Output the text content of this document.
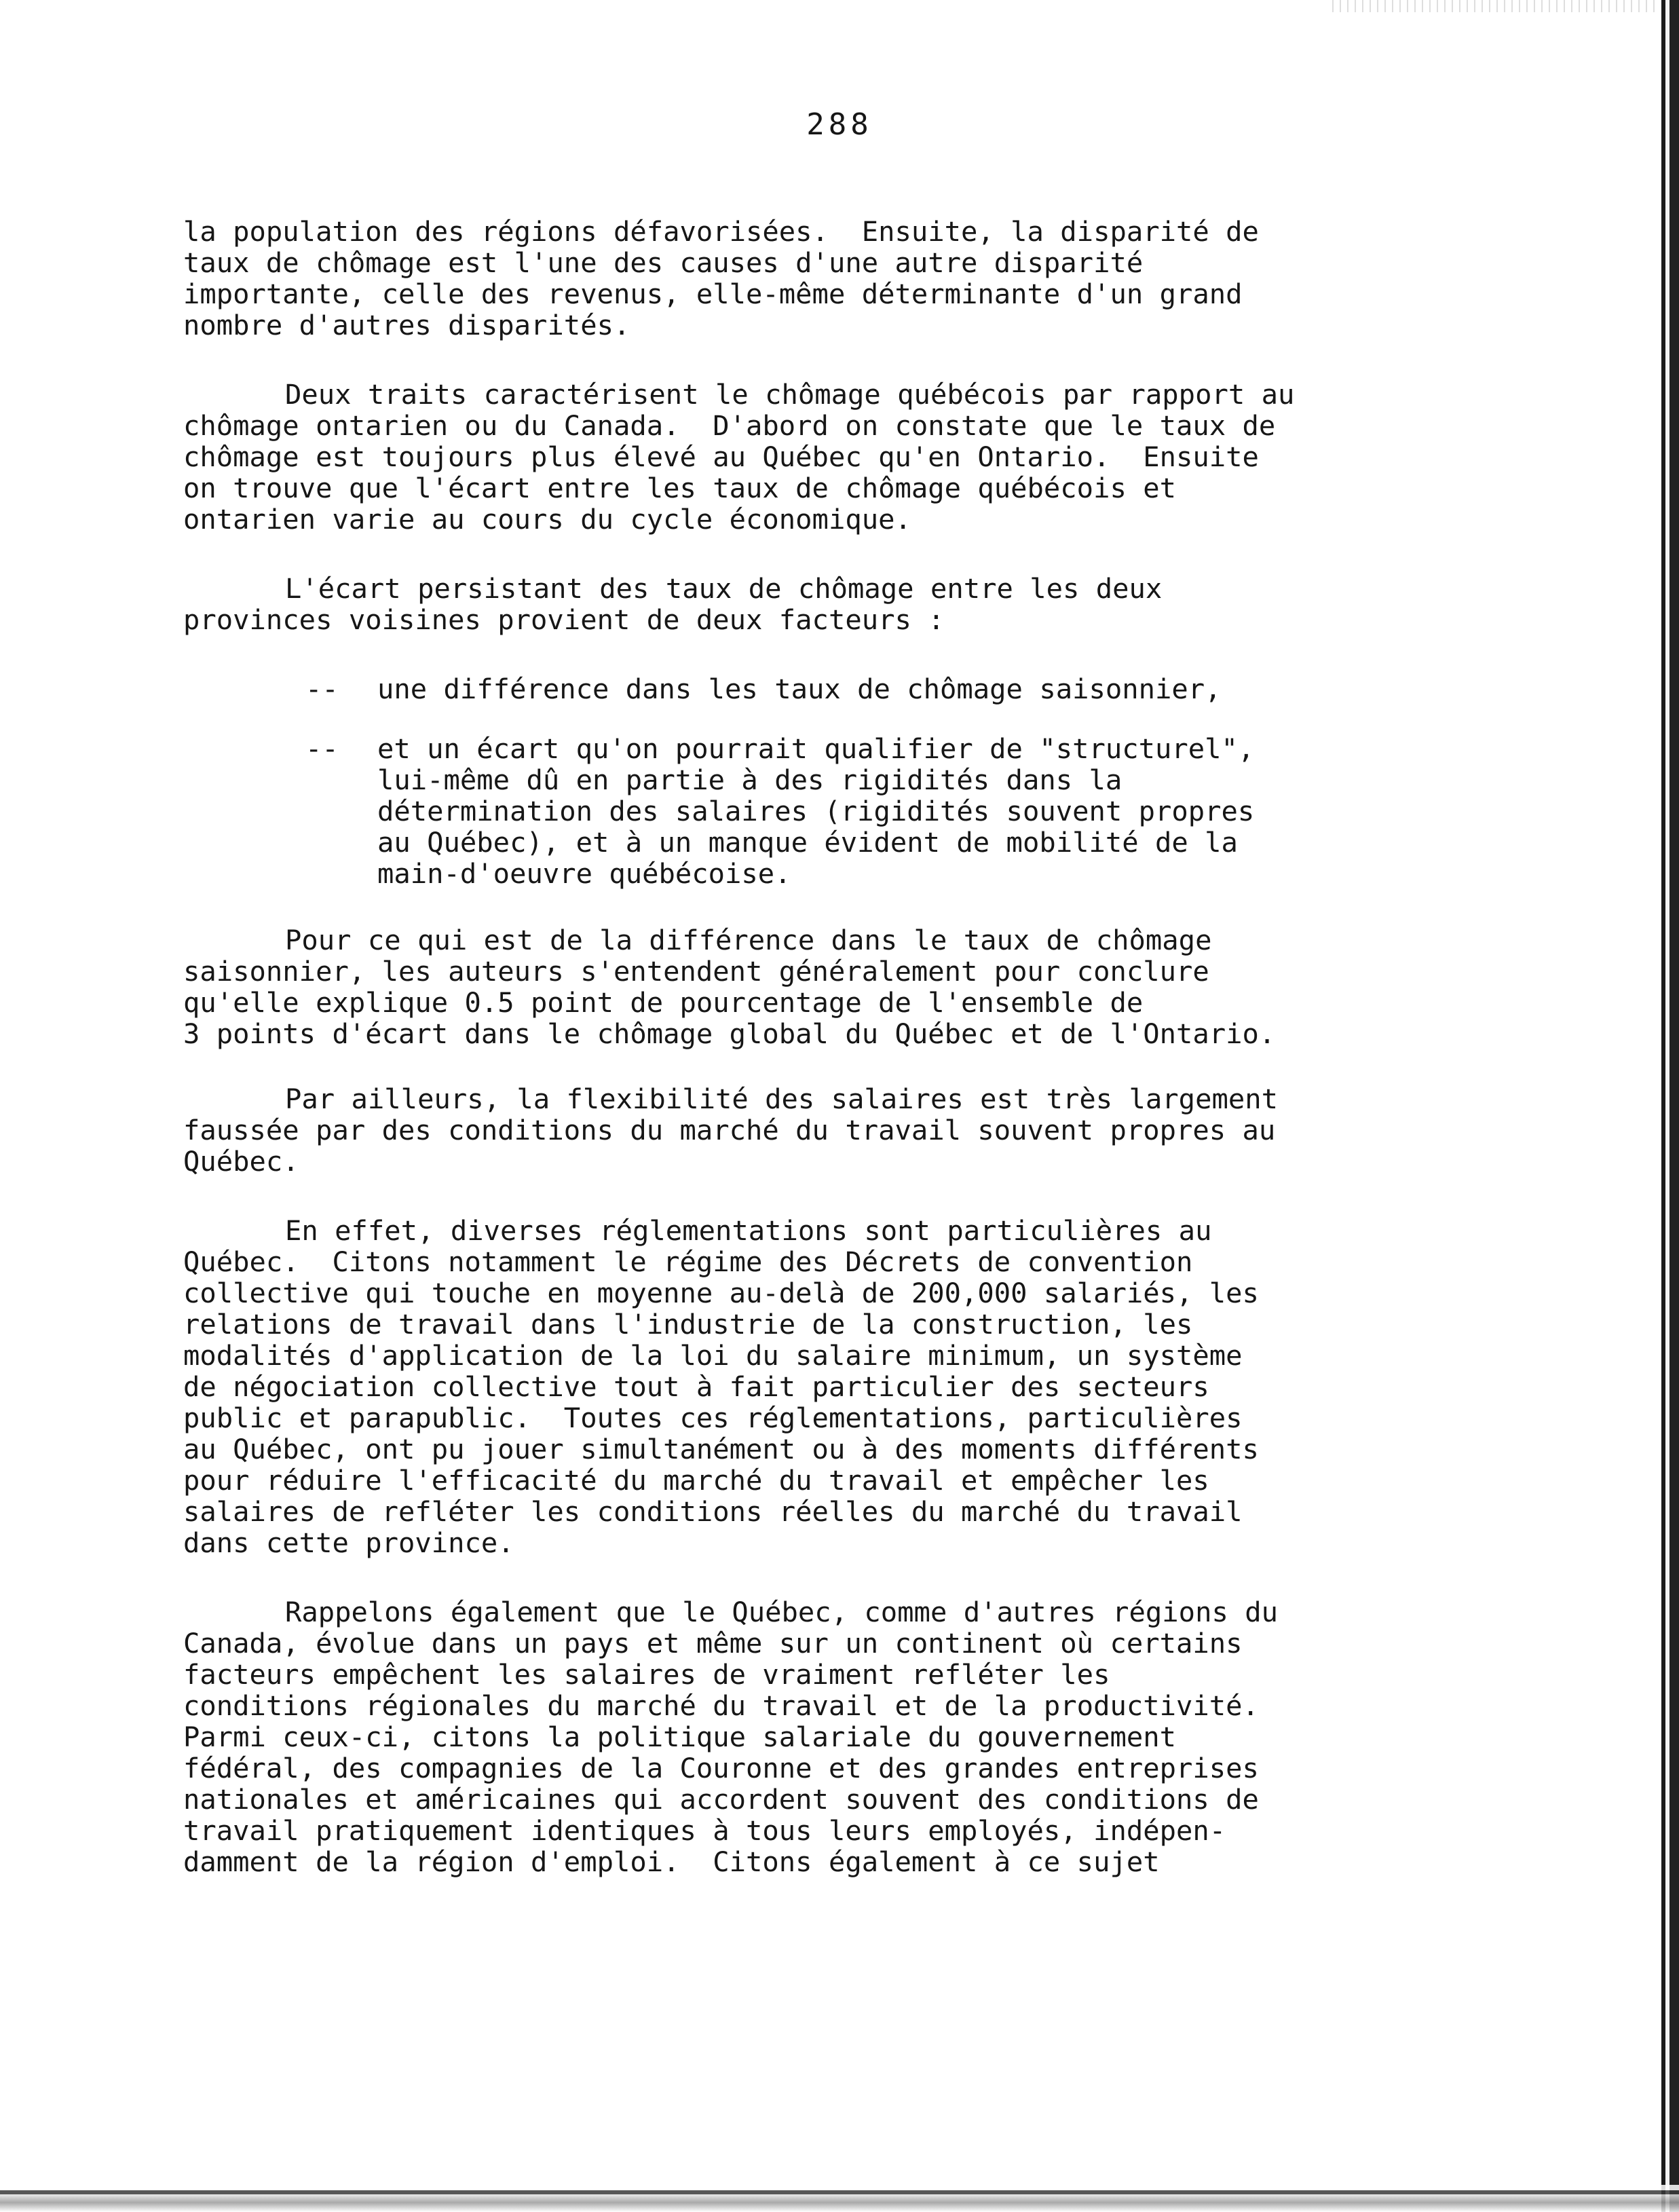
288

la population des régions défavorisées.  Ensuite, la disparité de
taux de chômage est l'une des causes d'une autre disparité
importante, celle des revenus, elle-même déterminante d'un grand
nombre d'autres disparités.
Deux traits caractérisent le chômage québécois par rapport au
chômage ontarien ou du Canada.  D'abord on constate que le taux de
chômage est toujours plus élevé au Québec qu'en Ontario.  Ensuite
on trouve que l'écart entre les taux de chômage québécois et
ontarien varie au cours du cycle économique.
L'écart persistant des taux de chômage entre les deux
provinces voisines provient de deux facteurs :
-- une différence dans les taux de chômage saisonnier,
-- et un écart qu'on pourrait qualifier de "structurel",
lui-même dû en partie à des rigidités dans la
détermination des salaires (rigidités souvent propres
au Québec), et à un manque évident de mobilité de la
main-d'oeuvre québécoise.
Pour ce qui est de la différence dans le taux de chômage
saisonnier, les auteurs s'entendent généralement pour conclure
qu'elle explique 0.5 point de pourcentage de l'ensemble de
3 points d'écart dans le chômage global du Québec et de l'Ontario.
Par ailleurs, la flexibilité des salaires est très largement
faussée par des conditions du marché du travail souvent propres au
Québec.
En effet, diverses réglementations sont particulières au
Québec.  Citons notamment le régime des Décrets de convention
collective qui touche en moyenne au-delà de 200,000 salariés, les
relations de travail dans l'industrie de la construction, les
modalités d'application de la loi du salaire minimum, un système
de négociation collective tout à fait particulier des secteurs
public et parapublic.  Toutes ces réglementations, particulières
au Québec, ont pu jouer simultanément ou à des moments différents
pour réduire l'efficacité du marché du travail et empêcher les
salaires de refléter les conditions réelles du marché du travail
dans cette province.
Rappelons également que le Québec, comme d'autres régions du
Canada, évolue dans un pays et même sur un continent où certains
facteurs empêchent les salaires de vraiment refléter les
conditions régionales du marché du travail et de la productivité.
Parmi ceux-ci, citons la politique salariale du gouvernement
fédéral, des compagnies de la Couronne et des grandes entreprises
nationales et américaines qui accordent souvent des conditions de
travail pratiquement identiques à tous leurs employés, indépen-
damment de la région d'emploi.  Citons également à ce sujet
